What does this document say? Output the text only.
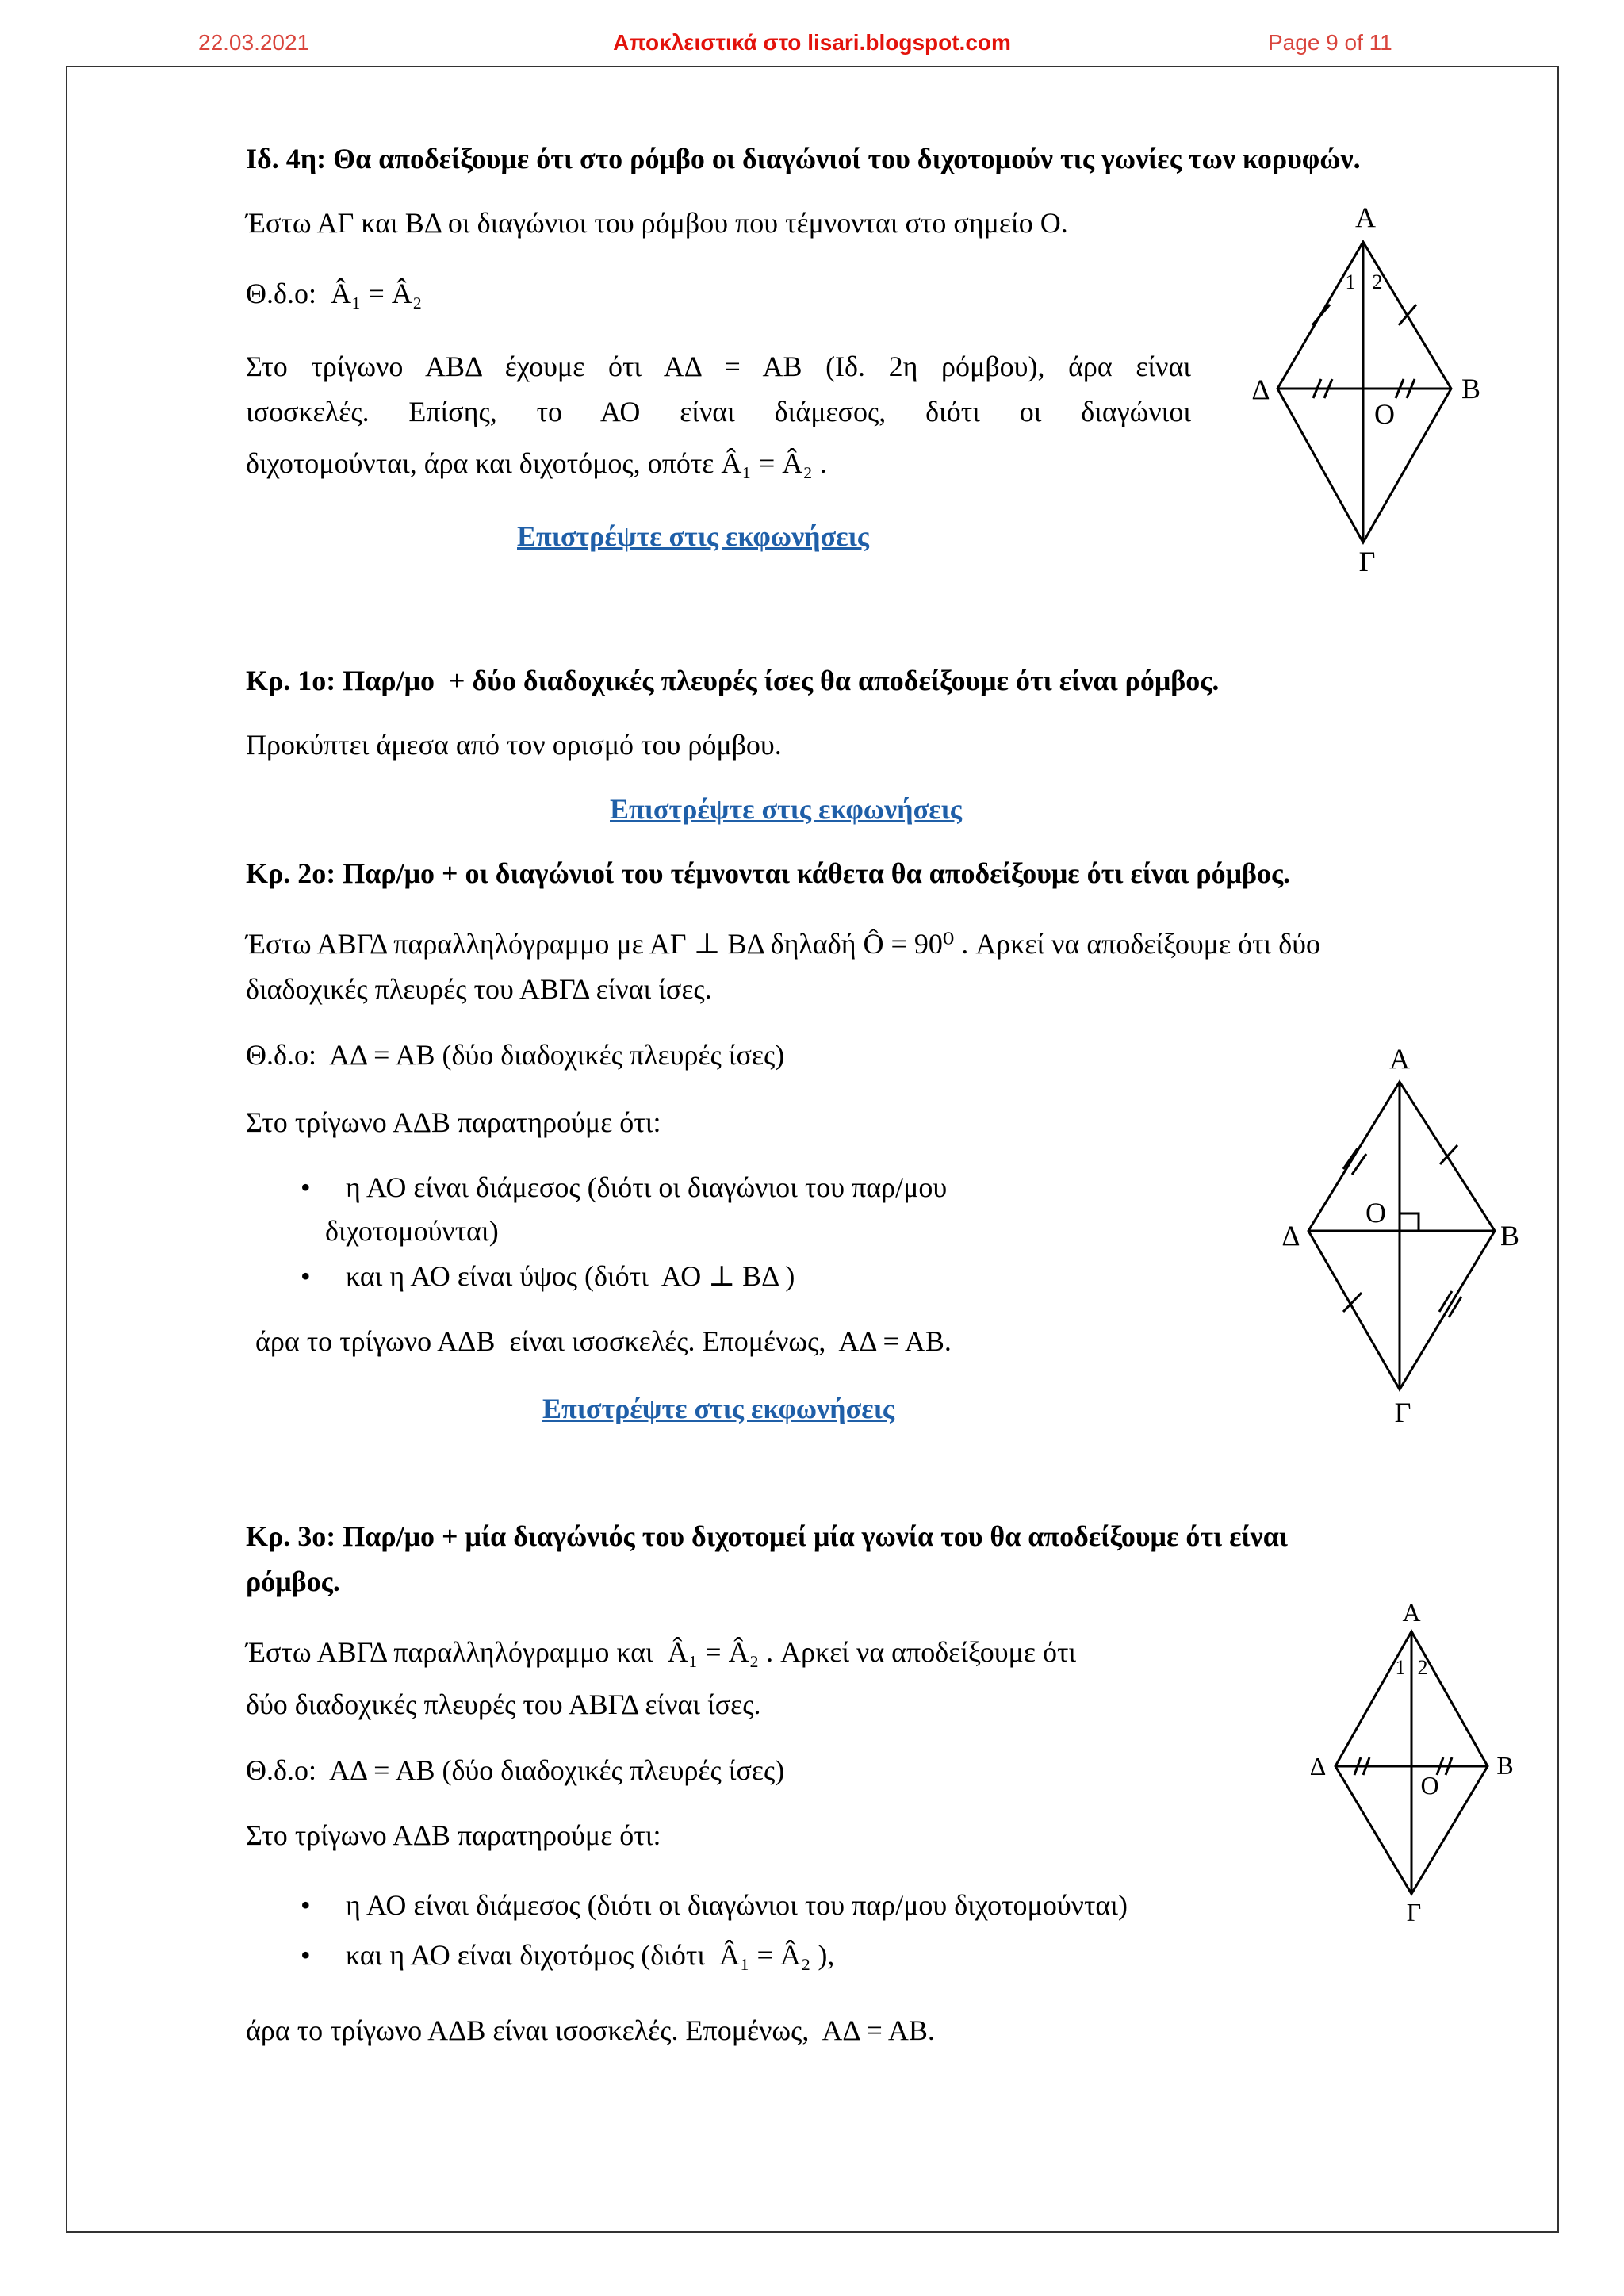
22.03.2021	Αποκλειστικά στο lisari.blogspot.com	Page 9 of 11
Ιδ. 4η: Θα αποδείξουμε ότι στο ρόμβο οι διαγώνιοί του διχοτομούν τις γωνίες των κορυφών.
Έστω ΑΓ και ΒΔ οι διαγώνιοι του ρόμβου που τέμνονται στο σημείο Ο.
Θ.δ.ο:  Â₁ = Â₂
Στο τρίγωνο ΑΒΔ έχουμε ότι ΑΔ = ΑΒ (Ιδ. 2η ρόμβου), άρα είναι
ισοσκελές. Επίσης, το ΑΟ είναι διάμεσος, διότι οι διαγώνιοι
διχοτομούνται, άρα και διχοτόμος, οπότε Â₁ = Â₂ .
Επιστρέψτε στις εκφωνήσεις
Κρ. 1ο: Παρ/μο  + δύο διαδοχικές πλευρές ίσες θα αποδείξουμε ότι είναι ρόμβος.
Προκύπτει άμεσα από τον ορισμό του ρόμβου.
Επιστρέψτε στις εκφωνήσεις
Κρ. 2ο: Παρ/μο + οι διαγώνιοί του τέμνονται κάθετα θα αποδείξουμε ότι είναι ρόμβος.
Έστω ΑΒΓΔ παραλληλόγραμμο με ΑΓ ⊥ ΒΔ δηλαδή Ô = 90⁰ . Αρκεί να αποδείξουμε ότι δύο
διαδοχικές πλευρές του ΑΒΓΔ είναι ίσες.
Θ.δ.ο:  ΑΔ = ΑΒ (δύο διαδοχικές πλευρές ίσες)
Στο τρίγωνο ΑΔΒ παρατηρούμε ότι:
• η ΑΟ είναι διάμεσος (διότι οι διαγώνιοι του παρ/μου
διχοτομούνται)
• και η ΑΟ είναι ύψος (διότι  ΑΟ ⊥ ΒΔ )
άρα το τρίγωνο ΑΔΒ  είναι ισοσκελές. Επομένως,  ΑΔ = ΑΒ.
Επιστρέψτε στις εκφωνήσεις
Κρ. 3ο: Παρ/μο + μία διαγώνιός του διχοτομεί μία γωνία του θα αποδείξουμε ότι είναι
ρόμβος.
Έστω ΑΒΓΔ παραλληλόγραμμο και  Â₁ = Â₂ . Αρκεί να αποδείξουμε ότι
δύο διαδοχικές πλευρές του ΑΒΓΔ είναι ίσες.
Θ.δ.ο:  ΑΔ = ΑΒ (δύο διαδοχικές πλευρές ίσες)
Στο τρίγωνο ΑΔΒ παρατηρούμε ότι:
• η ΑΟ είναι διάμεσος (διότι οι διαγώνιοι του παρ/μου διχοτομούνται)
• και η ΑΟ είναι διχοτόμος (διότι  Â₁ = Â₂ ),
άρα το τρίγωνο ΑΔΒ είναι ισοσκελές. Επομένως,  ΑΔ = ΑΒ.
Α
Δ	Β
Γ
Ο
1 2
Α
Δ	Β
Γ
Ο
Α
Δ	Β
Γ
Ο
1 2
